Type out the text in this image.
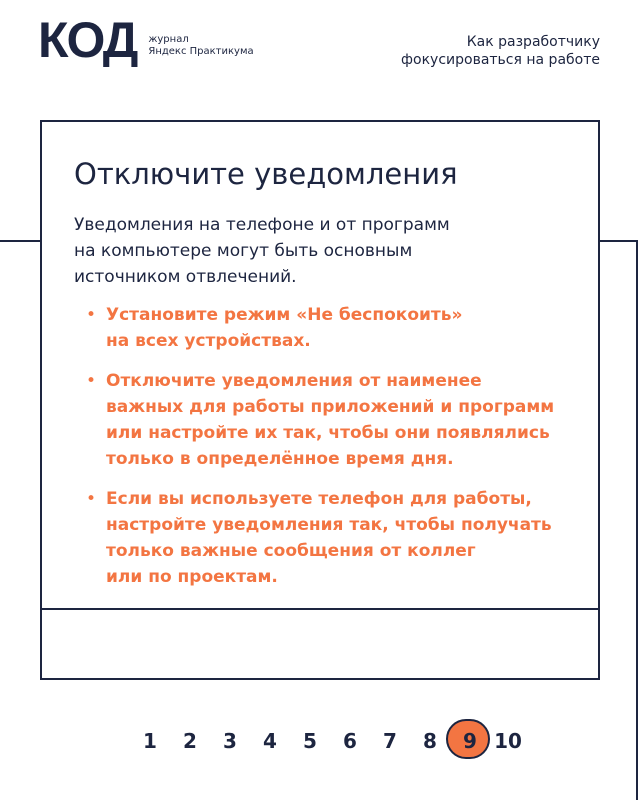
КОД журнал
Яндекс Практикума
Как разработчику
фокусироваться на работе
Отключите уведомления

Уведомления на телефоне и от программ
на компьютере могут быть основным
источником отвлечений.

• Установите режим «Не беспокоить»
на всех устройствах.
• Отключите уведомления от наименее
важных для работы приложений и программ
или настройте их так, чтобы они появлялись
только в определённое время дня.
• Если вы используете телефон для работы,
настройте уведомления так, чтобы получать
только важные сообщения от коллег
или по проектам.
1	2	3	4	5	6	7	8	9 10
